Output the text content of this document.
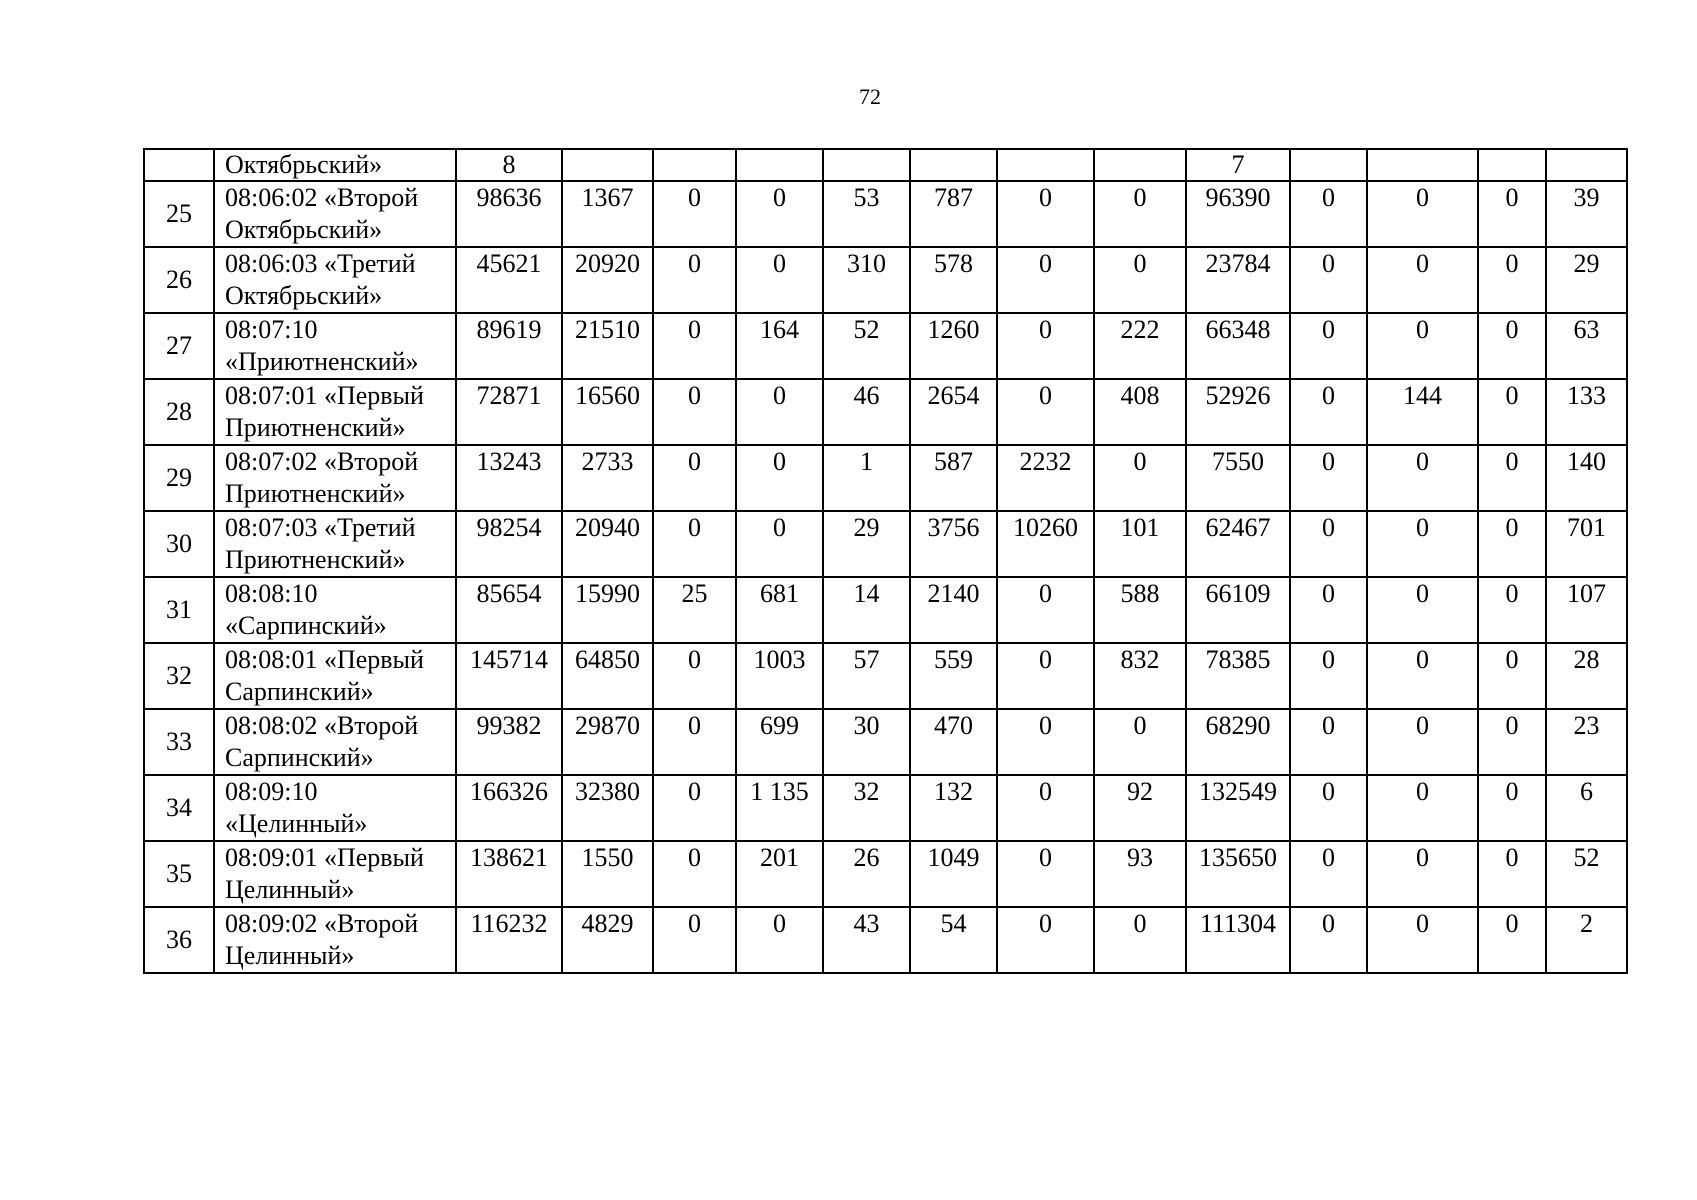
72
	Октябрьский»	8								7				
25	08:06:02 «Второй Октябрьский»	98636	1367	0	0	53	787	0	0	96390	0	0	0	39
26	08:06:03 «Третий Октябрьский»	45621	20920	0	0	310	578	0	0	23784	0	0	0	29
27	08:07:10 «Приютненский»	89619	21510	0	164	52	1260	0	222	66348	0	0	0	63
28	08:07:01 «Первый Приютненский»	72871	16560	0	0	46	2654	0	408	52926	0	144	0	133
29	08:07:02 «Второй Приютненский»	13243	2733	0	0	1	587	2232	0	7550	0	0	0	140
30	08:07:03 «Третий Приютненский»	98254	20940	0	0	29	3756	10260	101	62467	0	0	0	701
31	08:08:10 «Сарпинский»	85654	15990	25	681	14	2140	0	588	66109	0	0	0	107
32	08:08:01 «Первый Сарпинский»	145714	64850	0	1003	57	559	0	832	78385	0	0	0	28
33	08:08:02 «Второй Сарпинский»	99382	29870	0	699	30	470	0	0	68290	0	0	0	23
34	08:09:10 «Целинный»	166326	32380	0	1 135	32	132	0	92	132549	0	0	0	6
35	08:09:01 «Первый Целинный»	138621	1550	0	201	26	1049	0	93	135650	0	0	0	52
36	08:09:02 «Второй Целинный»	116232	4829	0	0	43	54	0	0	111304	0	0	0	2
